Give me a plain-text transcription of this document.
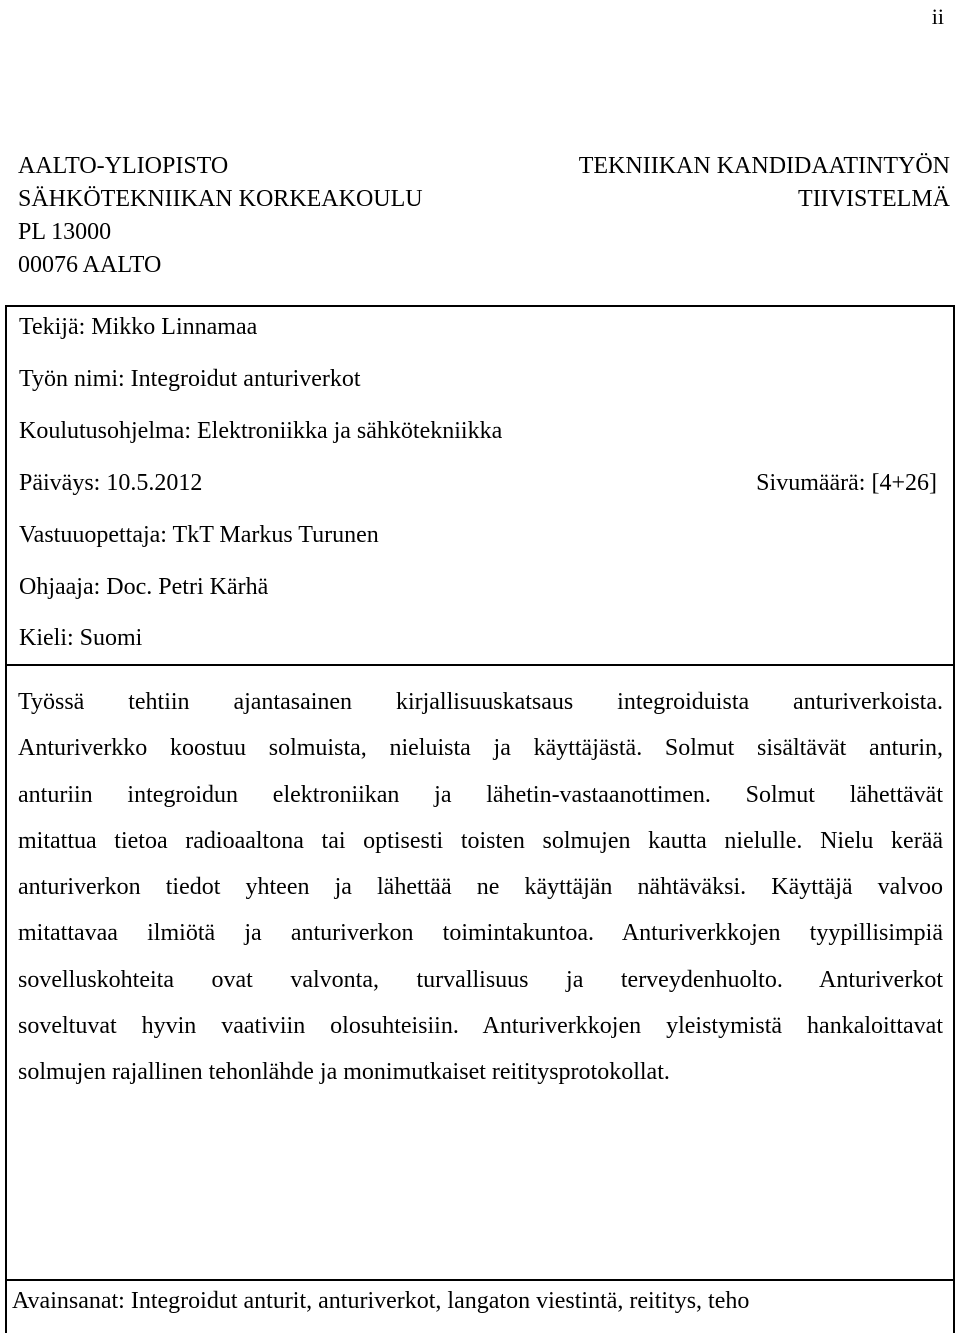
ii
AALTO-YLIOPISTO
SÄHKÖTEKNIIKAN KORKEAKOULU
PL 13000
00076 AALTO
TEKNIIKAN KANDIDAATINTYÖN
TIIVISTELMÄ
Tekijä: Mikko Linnamaa
Työn nimi: Integroidut anturiverkot
Koulutusohjelma: Elektroniikka ja sähkötekniikka
Päiväys: 10.5.2012	Sivumäärä: [4+26]
Vastuuopettaja: TkT Markus Turunen
Ohjaaja: Doc. Petri Kärhä
Kieli: Suomi
Työssä tehtiin ajantasainen kirjallisuuskatsaus integroiduista anturiverkoista.
Anturiverkko koostuu solmuista, nieluista ja käyttäjästä. Solmut sisältävät anturin,
anturiin integroidun elektroniikan ja lähetin-vastaanottimen. Solmut lähettävät
mitattua tietoa radioaaltona tai optisesti toisten solmujen kautta nielulle. Nielu kerää
anturiverkon tiedot yhteen ja lähettää ne käyttäjän nähtäväksi. Käyttäjä valvoo
mitattavaa ilmiötä ja anturiverkon toimintakuntoa. Anturiverkkojen tyypillisimpiä
sovelluskohteita ovat valvonta, turvallisuus ja terveydenhuolto. Anturiverkot
soveltuvat hyvin vaativiin olosuhteisiin. Anturiverkkojen yleistymistä hankaloittavat
solmujen rajallinen tehonlähde ja monimutkaiset reititysprotokollat.
Avainsanat: Integroidut anturit, anturiverkot, langaton viestintä, reititys, teho
